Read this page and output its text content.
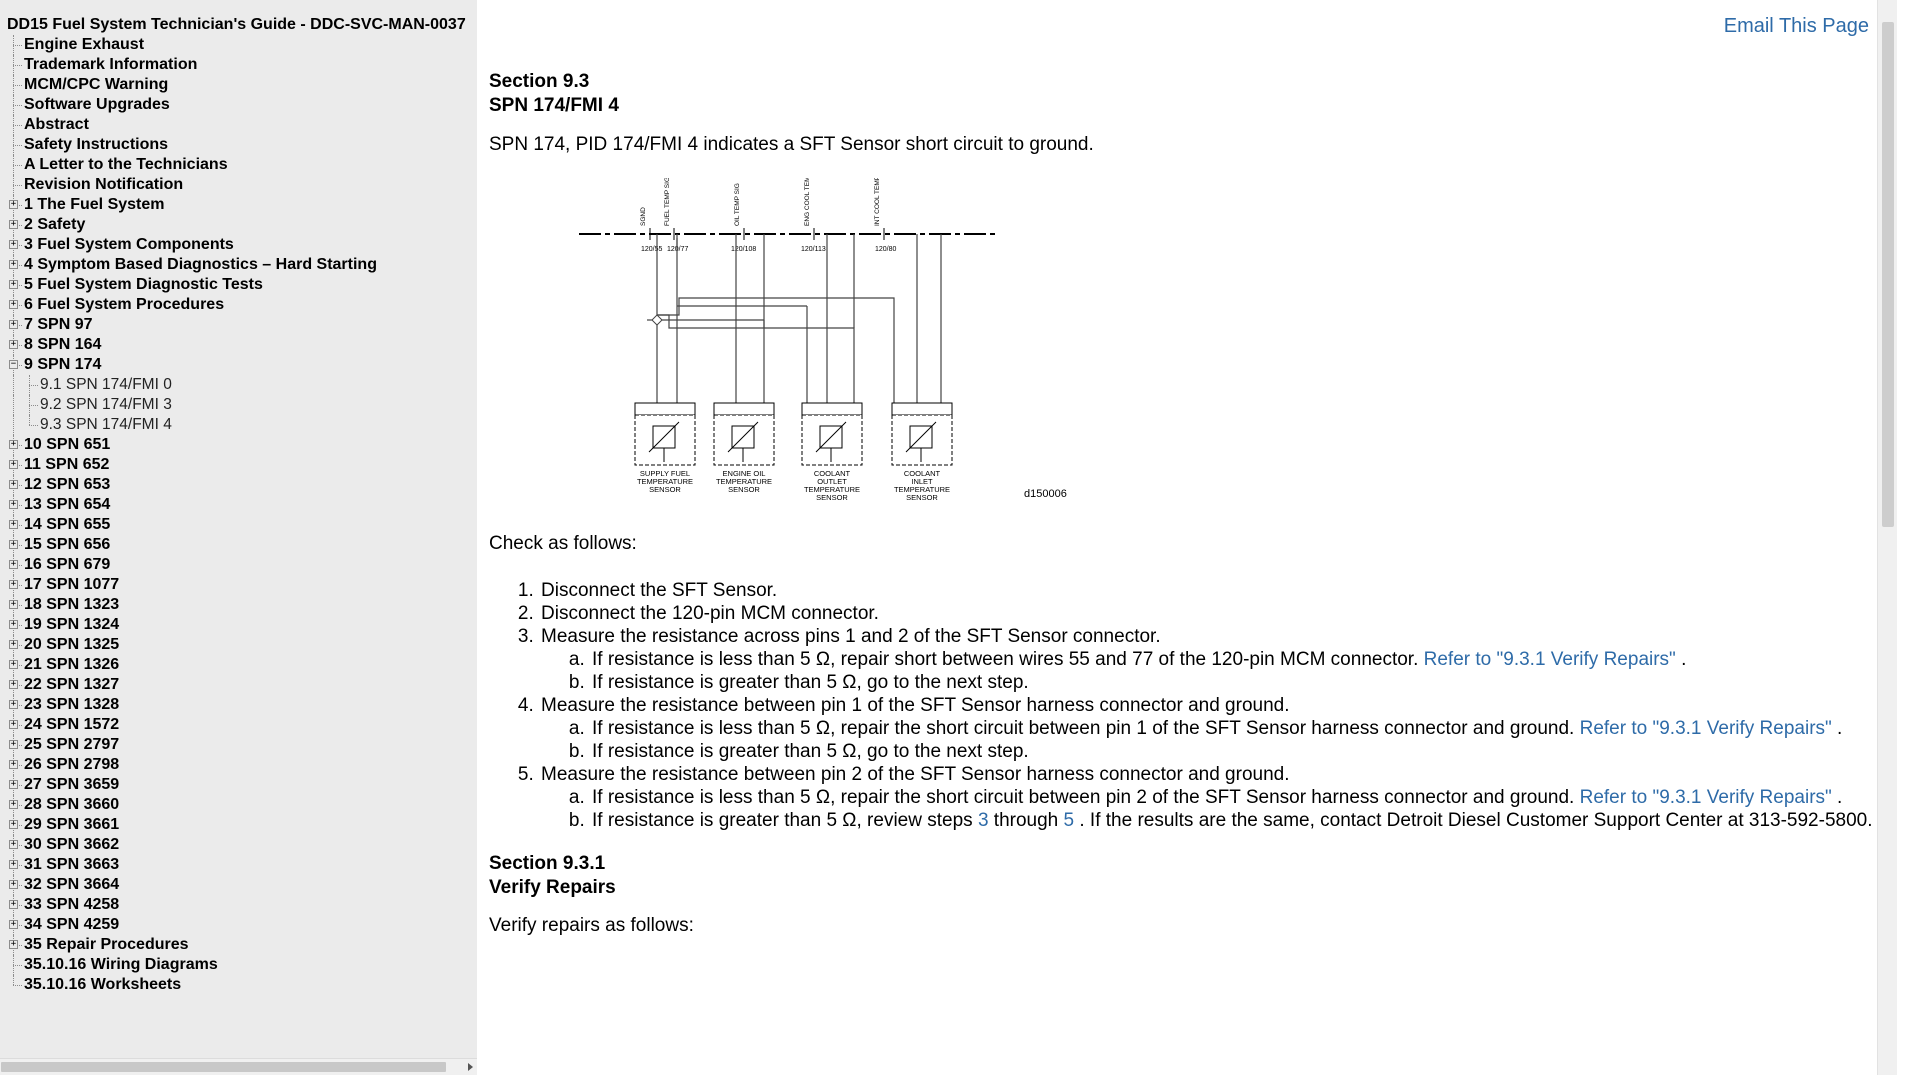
DD15 Fuel System Technician's Guide - DDC-SVC-MAN-0037
Engine Exhaust
Trademark Information
MCM/CPC Warning
Software Upgrades
Abstract
Safety Instructions
A Letter to the Technicians
Revision Notification
+ 1 The Fuel System
+ 2 Safety
+ 3 Fuel System Components
+ 4 Symptom Based Diagnostics – Hard Starting
+ 5 Fuel System Diagnostic Tests
+ 6 Fuel System Procedures
+ 7 SPN 97
+ 8 SPN 164
− 9 SPN 174
9.1 SPN 174/FMI 0
9.2 SPN 174/FMI 3
9.3 SPN 174/FMI 4
+ 10 SPN 651
+ 11 SPN 652
+ 12 SPN 653
+ 13 SPN 654
+ 14 SPN 655
+ 15 SPN 656
+ 16 SPN 679
+ 17 SPN 1077
+ 18 SPN 1323
+ 19 SPN 1324
+ 20 SPN 1325
+ 21 SPN 1326
+ 22 SPN 1327
+ 23 SPN 1328
+ 24 SPN 1572
+ 25 SPN 2797
+ 26 SPN 2798
+ 27 SPN 3659
+ 28 SPN 3660
+ 29 SPN 3661
+ 30 SPN 3662
+ 31 SPN 3663
+ 32 SPN 3664
+ 33 SPN 4258
+ 34 SPN 4259
+ 35 Repair Procedures
35.10.16 Wiring Diagrams
35.10.16 Worksheets
Email This Page
Section 9.3
SPN 174/FMI 4

SPN 174, PID 174/FMI 4 indicates a SFT Sensor short circuit to ground.

SGND	FUEL TEMP SIG	OIL TEMP SIG	ENG COOL TEMP	INT COOL TEMP
120/55 120/77	120/108	120/113	120/80
SUPPLY FUEL
TEMPERATURE
SENSOR
ENGINE OIL
TEMPERATURE
SENSOR
COOLANT
OUTLET
TEMPERATURE
SENSOR
COOLANT
INLET
TEMPERATURE
SENSOR	d150006

Check as follows:

1. Disconnect the SFT Sensor.
2. Disconnect the 120-pin MCM connector.
3. Measure the resistance across pins 1 and 2 of the SFT Sensor connector.
a. If resistance is less than 5 Ω, repair short between wires 55 and 77 of the 120-pin MCM connector. Refer to "9.3.1 Verify Repairs" .
b. If resistance is greater than 5 Ω, go to the next step.
4. Measure the resistance between pin 1 of the SFT Sensor harness connector and ground.
a. If resistance is less than 5 Ω, repair the short circuit between pin 1 of the SFT Sensor harness connector and ground. Refer to "9.3.1 Verify Repairs" .
b. If resistance is greater than 5 Ω, go to the next step.
5. Measure the resistance between pin 2 of the SFT Sensor harness connector and ground.
a. If resistance is less than 5 Ω, repair the short circuit between pin 2 of the SFT Sensor harness connector and ground. Refer to "9.3.1 Verify Repairs" .
b. If resistance is greater than 5 Ω, review steps 3 through 5 . If the results are the same, contact Detroit Diesel Customer Support Center at 313-592-5800.
Section 9.3.1
Verify Repairs

Verify repairs as follows:
